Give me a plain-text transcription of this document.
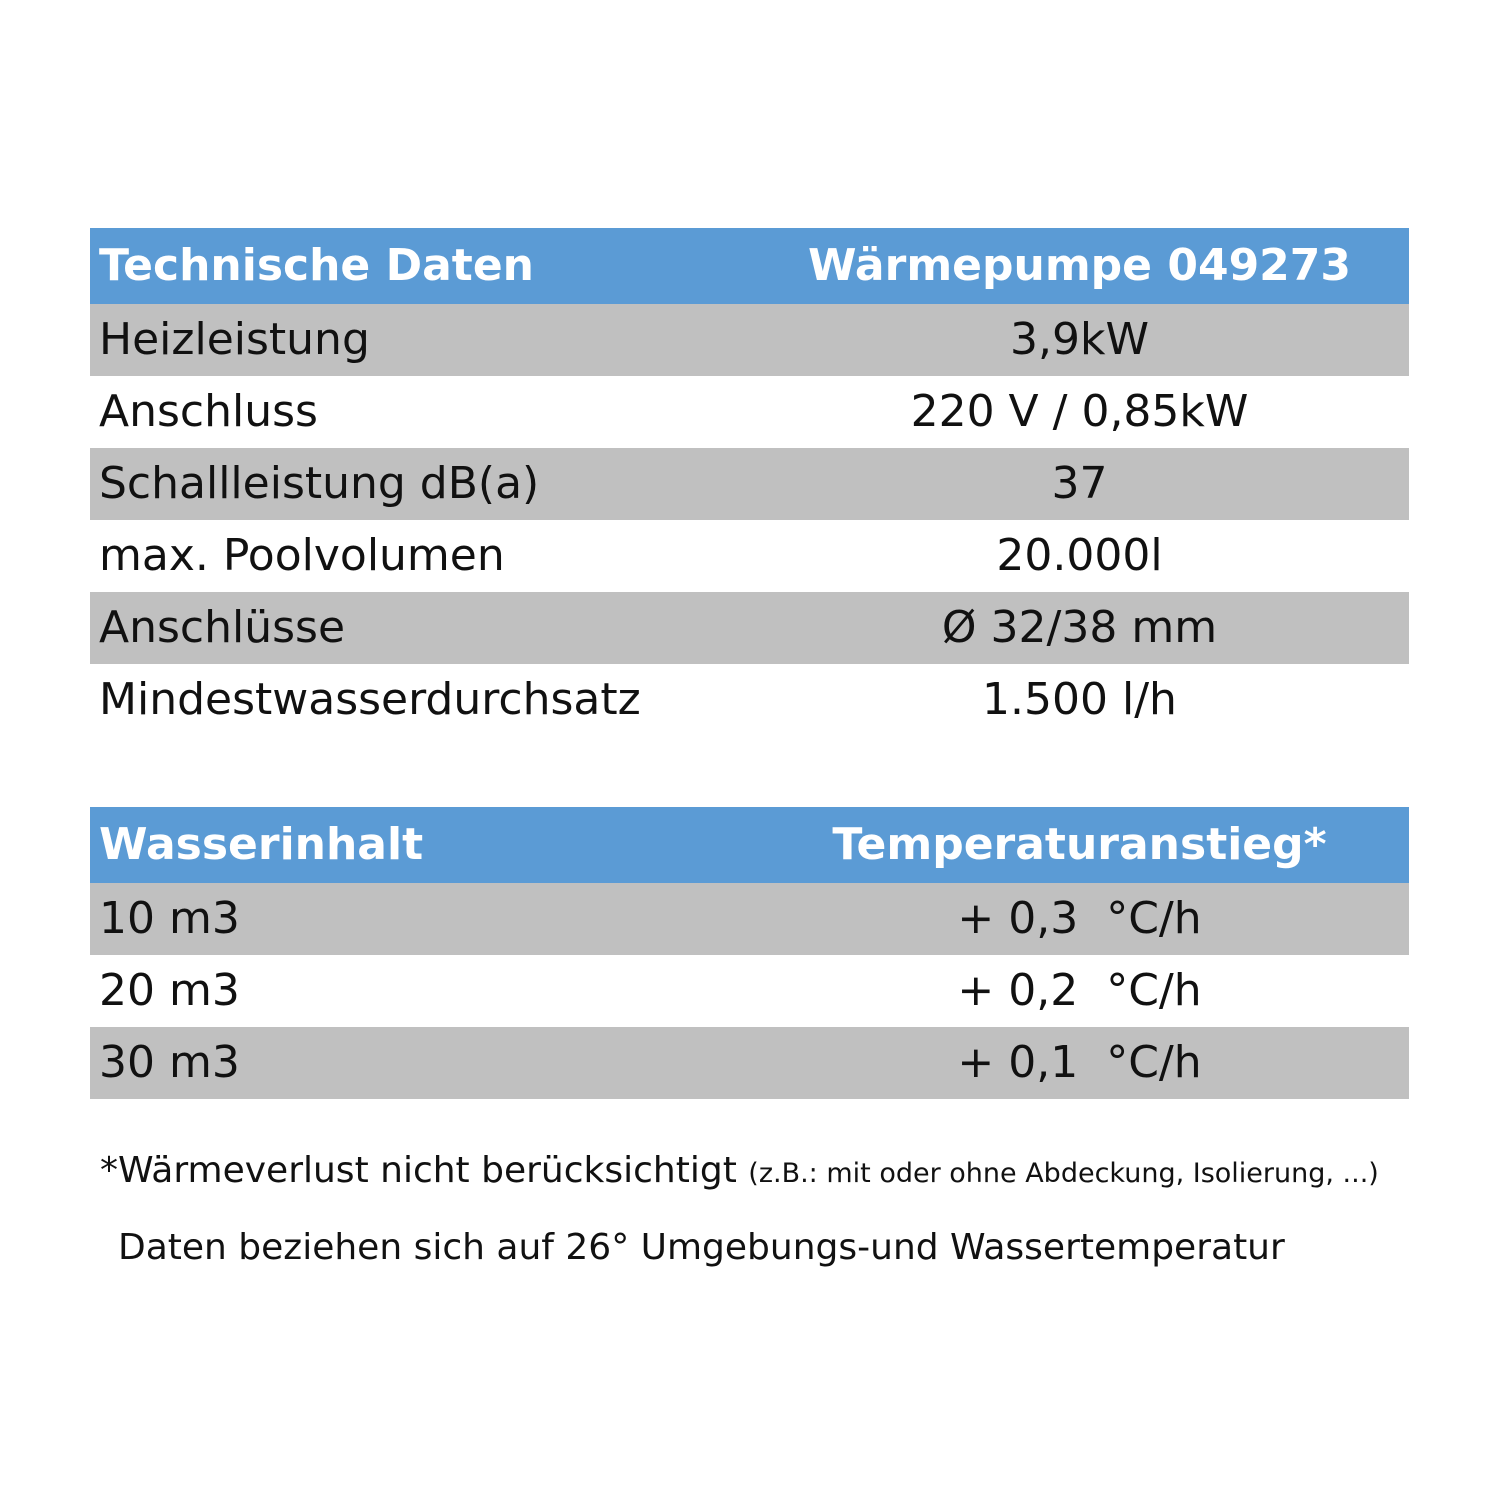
Technische Daten	Wärmepumpe 049273
Heizleistung	3,9kW
Anschluss	220 V / 0,85kW
Schallleistung dB(a)	37
max. Poolvolumen	20.000l
Anschlüsse	Ø 32/38 mm
Mindestwasserdurchsatz	1.500 l/h
Wasserinhalt	Temperaturanstieg*
10 m3	+ 0,3 °C/h
20 m3	+ 0,2 °C/h
30 m3	+ 0,1 °C/h
*Wärmeverlust nicht berücksichtigt (z.B.: mit oder ohne Abdeckung, Isolierung, ...)
Daten beziehen sich auf 26° Umgebungs-und Wassertemperatur
